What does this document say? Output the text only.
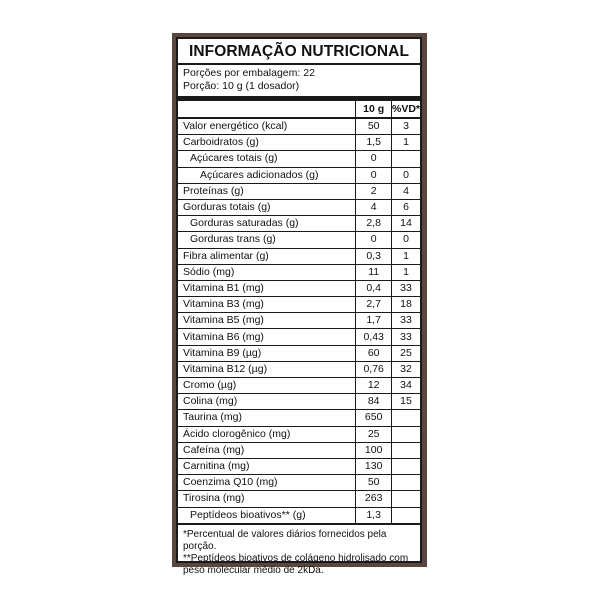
INFORMAÇÃO NUTRICIONAL
Porções por embalagem: 22
Porção: 10 g (1 dosador)
	10 g	%VD*
Valor energético (kcal)	50	3
Carboidratos (g)	1,5	1
Açúcares totais (g)	0	
Açúcares adicionados (g)	0	0
Proteínas (g)	2	4
Gorduras totais (g)	4	6
Gorduras saturadas (g)	2,8	14
Gorduras trans (g)	0	0
Fibra alimentar (g)	0,3	1
Sódio (mg)	11	1
Vitamina B1 (mg)	0,4	33
Vitamina B3 (mg)	2,7	18
Vitamina B5 (mg)	1,7	33
Vitamina B6 (mg)	0,43	33
Vitamina B9 (µg)	60	25
Vitamina B12 (µg)	0,76	32
Cromo (µg)	12	34
Colina (mg)	84	15
Taurina (mg)	650	
Ácido clorogênico (mg)	25	
Cafeína (mg)	100	
Carnitina (mg)	130	
Coenzima Q10 (mg)	50	
Tirosina (mg)	263	
Peptídeos bioativos** (g)	1,3	
*Percentual de valores diários fornecidos pela porção.
**Peptídeos bioativos de colágeno hidrolisado com peso molecular médio de 2kDa.
